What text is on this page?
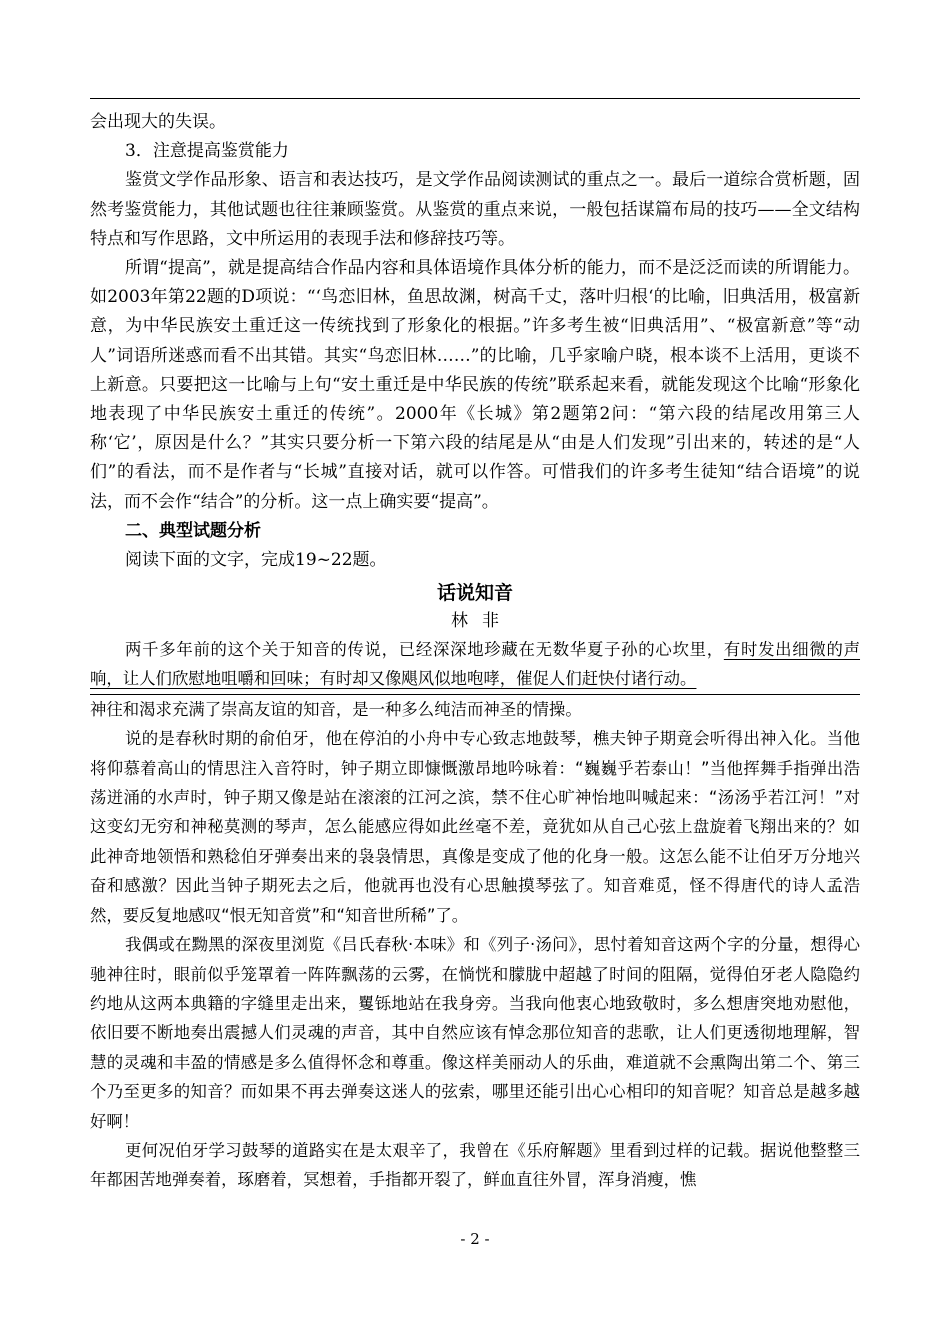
会出现大的失误。

3．注意提高鉴赏能力

鉴赏文学作品形象、语言和表达技巧，是文学作品阅读测试的重点之一。最后一道综合赏析题，固然考鉴赏能力，其他试题也往往兼顾鉴赏。从鉴赏的重点来说，一般包括谋篇布局的技巧——全文结构特点和写作思路，文中所运用的表现手法和修辞技巧等。

所谓“提高”，就是提高结合作品内容和具体语境作具体分析的能力，而不是泛泛而读的所谓能力。如2003年第22题的D项说：“‘鸟恋旧林，鱼思故渊，树高千丈，落叶归根‘的比喻，旧典活用，极富新意，为中华民族安土重迁这一传统找到了形象化的根据。”许多考生被“旧典活用”、“极富新意”等“动人”词语所迷惑而看不出其错。其实“鸟恋旧林……”的比喻，几乎家喻户晓，根本谈不上活用，更谈不上新意。只要把这一比喻与上句“安土重迁是中华民族的传统”联系起来看，就能发现这个比喻“形象化地表现了中华民族安土重迁的传统”。2000年《长城》第2题第2问：“第六段的结尾改用第三人称‘它’，原因是什么？”其实只要分析一下第六段的结尾是从“由是人们发现”引出来的，转述的是“人们”的看法，而不是作者与“长城”直接对话，就可以作答。可惜我们的许多考生徒知“结合语境”的说法，而不会作“结合”的分析。这一点上确实要“提高”。

二、典型试题分析

阅读下面的文字，完成19~22题。

话说知音

林非

两千多年前的这个关于知音的传说，已经深深地珍藏在无数华夏子孙的心坎里，有时发出细微的声响，让人们欣慰地咀嚼和回味；有时却又像飓风似地咆哮，催促人们赶快付诸行动。

神往和渴求充满了崇高友谊的知音，是一种多么纯洁而神圣的情操。

说的是春秋时期的俞伯牙，他在停泊的小舟中专心致志地鼓琴，樵夫钟子期竟会听得出神入化。当他将仰慕着高山的情思注入音符时，钟子期立即慷慨激昂地吟咏着：“巍巍乎若泰山！”当他挥舞手指弹出浩荡迸涌的水声时，钟子期又像是站在滚滚的江河之滨，禁不住心旷神怡地叫喊起来：“汤汤乎若江河！”对这变幻无穷和神秘莫测的琴声，怎么能感应得如此丝毫不差，竟犹如从自己心弦上盘旋着飞翔出来的？如此神奇地领悟和熟稔伯牙弹奏出来的袅袅情思，真像是变成了他的化身一般。这怎么能不让伯牙万分地兴奋和感激？因此当钟子期死去之后，他就再也没有心思触摸琴弦了。知音难觅，怪不得唐代的诗人孟浩然，要反复地感叹“恨无知音赏”和“知音世所稀”了。

我偶或在黝黑的深夜里浏览《吕氏春秋·本味》和《列子·汤问》，思忖着知音这两个字的分量，想得心驰神往时，眼前似乎笼罩着一阵阵飘荡的云雾，在惝恍和朦胧中超越了时间的阻隔，觉得伯牙老人隐隐约约地从这两本典籍的字缝里走出来，矍铄地站在我身旁。当我向他衷心地致敬时，多么想唐突地劝慰他，依旧要不断地奏出震撼人们灵魂的声音，其中自然应该有悼念那位知音的悲歌，让人们更透彻地理解，智慧的灵魂和丰盈的情感是多么值得怀念和尊重。像这样美丽动人的乐曲，难道就不会熏陶出第二个、第三个乃至更多的知音？而如果不再去弹奏这迷人的弦索，哪里还能引出心心相印的知音呢？知音总是越多越好啊！

更何况伯牙学习鼓琴的道路实在是太艰辛了，我曾在《乐府解题》里看到过样的记载。据说他整整三年都困苦地弹奏着，琢磨着，冥想着，手指都开裂了，鲜血直往外冒，浑身消瘦，憔

- 2 -
